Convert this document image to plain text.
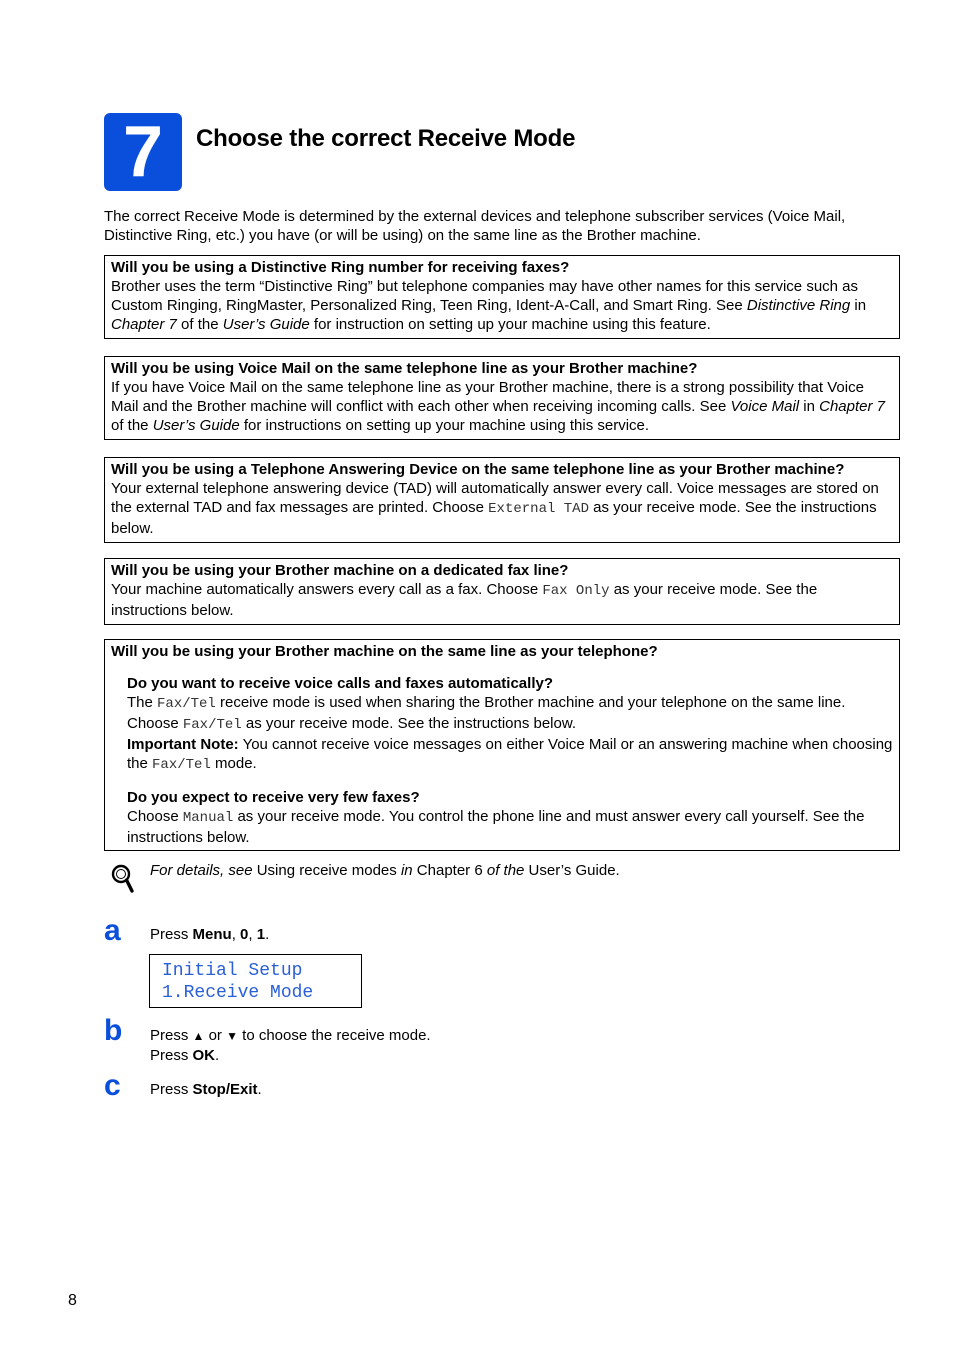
7	Choose the correct Receive Mode

The correct Receive Mode is determined by the external devices and telephone subscriber services (Voice Mail, Distinctive Ring, etc.) you have (or will be using) on the same line as the Brother machine.

Will you be using a Distinctive Ring number for receiving faxes?

Brother uses the term “Distinctive Ring” but telephone companies may have other names for this service such as Custom Ringing, RingMaster, Personalized Ring, Teen Ring, Ident-A-Call, and Smart Ring. See Distinctive Ring in Chapter 7 of the User’s Guide for instruction on setting up your machine using this feature.

Will you be using Voice Mail on the same telephone line as your Brother machine?

If you have Voice Mail on the same telephone line as your Brother machine, there is a strong possibility that Voice Mail and the Brother machine will conflict with each other when receiving incoming calls. See Voice Mail in Chapter 7 of the User’s Guide for instructions on setting up your machine using this service.

Will you be using a Telephone Answering Device on the same telephone line as your Brother machine?

Your external telephone answering device (TAD) will automatically answer every call. Voice messages are stored on the external TAD and fax messages are printed. Choose External TAD as your receive mode. See the instructions below.

Will you be using your Brother machine on a dedicated fax line?

Your machine automatically answers every call as a fax. Choose Fax Only as your receive mode. See the instructions below.

Will you be using your Brother machine on the same line as your telephone?

Do you want to receive voice calls and faxes automatically?

The Fax/Tel receive mode is used when sharing the Brother machine and your telephone on the same line. Choose Fax/Tel as your receive mode. See the instructions below.

Important Note: You cannot receive voice messages on either Voice Mail or an answering machine when choosing the Fax/Tel mode.

Do you expect to receive very few faxes?

Choose Manual as your receive mode. You control the phone line and must answer every call yourself. See the instructions below.

For details, see Using receive modes in Chapter 6 of the User’s Guide.

a Press Menu, 0, 1.

Initial Setup
1.Receive Mode
b Press ▲ or ▼ to choose the receive mode.
Press OK.

c Press Stop/Exit.

8
